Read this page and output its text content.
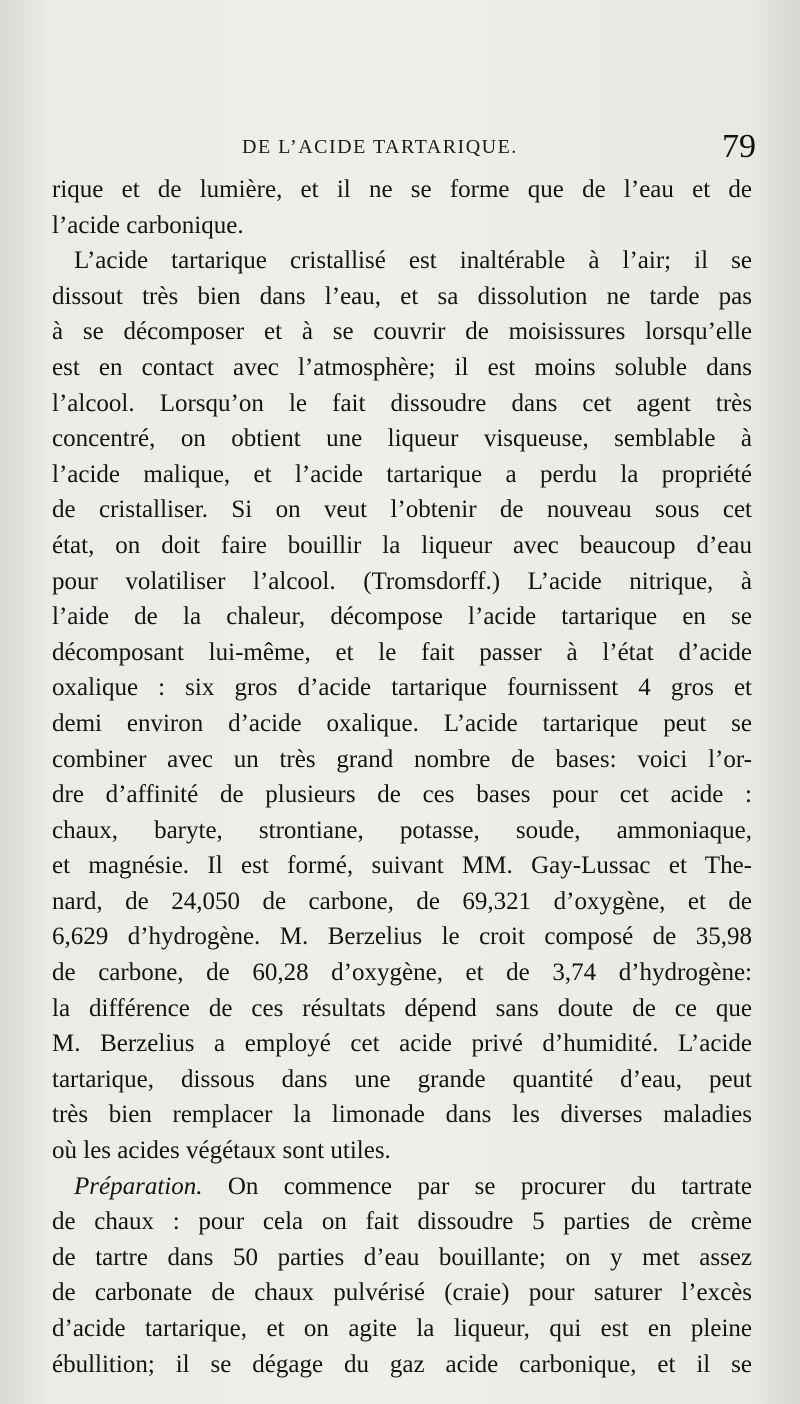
DE L’ACIDE TARTARIQUE.	79
rique et de lumière, et il ne se forme que de l’eau et de
l’acide carbonique.
L’acide tartarique cristallisé est inaltérable à l’air; il se
dissout très bien dans l’eau, et sa dissolution ne tarde pas
à se décomposer et à se couvrir de moisissures lorsqu’elle
est en contact avec l’atmosphère; il est moins soluble dans
l’alcool. Lorsqu’on le fait dissoudre dans cet agent très
concentré, on obtient une liqueur visqueuse, semblable à
l’acide malique, et l’acide tartarique a perdu la propriété
de cristalliser. Si on veut l’obtenir de nouveau sous cet
état, on doit faire bouillir la liqueur avec beaucoup d’eau
pour volatiliser l’alcool. (Tromsdorff.) L’acide nitrique, à
l’aide de la chaleur, décompose l’acide tartarique en se
décomposant lui-même, et le fait passer à l’état d’acide
oxalique : six gros d’acide tartarique fournissent 4 gros et
demi environ d’acide oxalique. L’acide tartarique peut se
combiner avec un très grand nombre de bases: voici l’or-
dre d’affinité de plusieurs de ces bases pour cet acide :
chaux, baryte, strontiane, potasse, soude, ammoniaque,
et magnésie. Il est formé, suivant MM. Gay-Lussac et The-
nard, de 24,050 de carbone, de 69,321 d’oxygène, et de
6,629 d’hydrogène. M. Berzelius le croit composé de 35,98
de carbone, de 60,28 d’oxygène, et de 3,74 d’hydrogène:
la différence de ces résultats dépend sans doute de ce que
M. Berzelius a employé cet acide privé d’humidité. L’acide
tartarique, dissous dans une grande quantité d’eau, peut
très bien remplacer la limonade dans les diverses maladies
où les acides végétaux sont utiles.
Préparation. On commence par se procurer du tartrate
de chaux : pour cela on fait dissoudre 5 parties de crème
de tartre dans 50 parties d’eau bouillante; on y met assez
de carbonate de chaux pulvérisé (craie) pour saturer l’excès
d’acide tartarique, et on agite la liqueur, qui est en pleine
ébullition; il se dégage du gaz acide carbonique, et il se
